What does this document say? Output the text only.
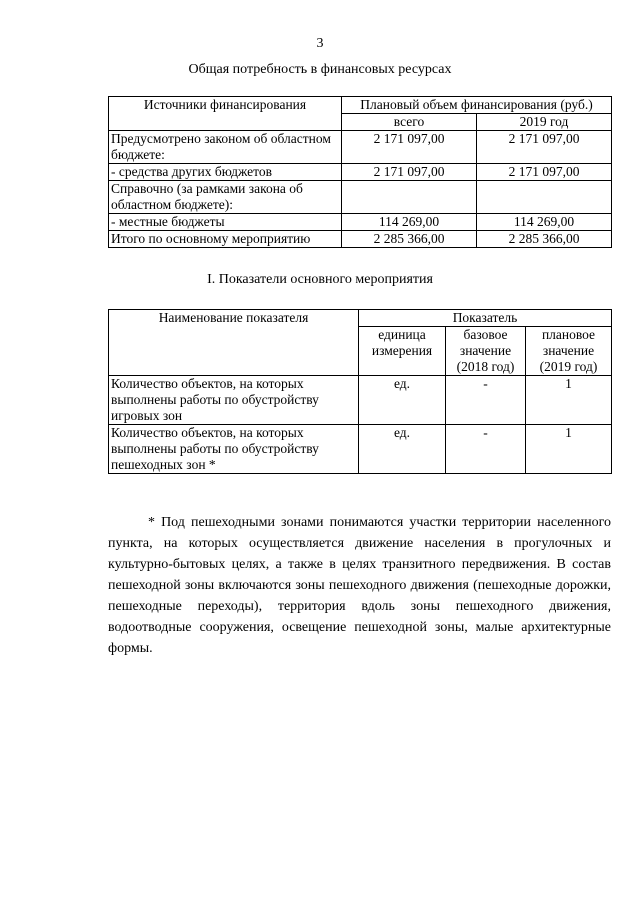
3
Общая потребность в финансовых ресурсах
Источники финансирования	Плановый объем финансирования (руб.)	
	всего	2019 год
Предусмотрено законом об областном бюджете:	2 171 097,00	2 171 097,00
- средства других бюджетов	2 171 097,00	2 171 097,00
Справочно (за рамками закона об областном бюджете):		
- местные бюджеты	114 269,00	114 269,00
Итого по основному мероприятию	2 285 366,00	2 285 366,00
I. Показатели основного мероприятия
Наименование показателя	Показатель		
	единица измерения	базовое значение (2018 год)	плановое значение (2019 год)
Количество объектов, на которых выполнены работы по обустройству игровых зон	ед.	-	1
Количество объектов, на которых выполнены работы по обустройству пешеходных зон *	ед.	-	1

* Под пешеходными зонами понимаются участки территории населенного пункта, на которых осуществляется движение населения в прогулочных и культурно-бытовых целях, а также в целях транзитного передвижения. В состав пешеходной зоны включаются зоны пешеходного движения (пешеходные дорожки, пешеходные переходы), территория вдоль зоны пешеходного движения, водоотводные сооружения, освещение пешеходной зоны, малые архитектурные формы.
